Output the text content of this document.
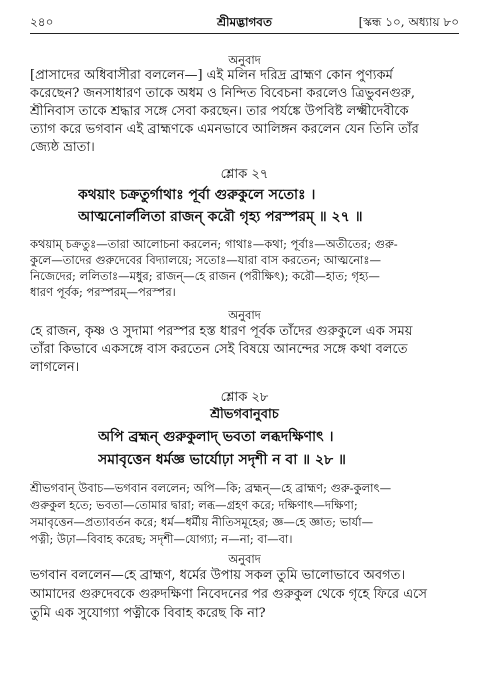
২৪০	শ্রীমদ্ভাগবত	[স্কন্ধ ১০, অধ্যায় ৮০
অনুবাদ
[প্রাসাদের অধিবাসীরা বললেন—] এই মলিন দরিদ্র ব্রাহ্মণ কোন পুণ্যকর্ম
করেছেন? জনসাধারণ তাকে অধম ও নিন্দিত বিবেচনা করলেও ত্রিভুবনগুরু,
শ্রীনিবাস তাকে শ্রদ্ধার সঙ্গে সেবা করছেন। তার পর্যঙ্কে উপবিষ্ট লক্ষ্মীদেবীকে
ত্যাগ করে ভগবান এই ব্রাহ্মণকে এমনভাবে আলিঙ্গন করলেন যেন তিনি তাঁর
জ্যেষ্ঠ ভ্রাতা।
শ্লোক ২৭
কথয়াং চক্রতুর্গাথাঃ পূর্বা গুরুকুলে সতোঃ ।
আত্মনোর্ললিতা রাজন্ করৌ গৃহ্য পরস্পরম্ ॥ ২৭ ॥
কথয়াম্ চক্রতুঃ—তারা আলোচনা করলেন; গাথাঃ—কথা; পূর্বাঃ—অতীতের; গুরু-
কুলে—তাদের গুরুদেবের বিদ্যালয়ে; সতোঃ—যারা বাস করতেন; আত্মনোঃ—
নিজেদের; ললিতাঃ—মধুর; রাজন্—হে রাজন (পরীক্ষিৎ); করৌ—হাত; গৃহ্য—
ধারণ পূর্বক; পরস্পরম্—পরস্পর।
অনুবাদ
হে রাজন, কৃষ্ণ ও সুদামা পরস্পর হস্ত ধারণ পূর্বক তাঁদের গুরুকুলে এক সময়
তাঁরা কিভাবে একসঙ্গে বাস করতেন সেই বিষয়ে আনন্দের সঙ্গে কথা বলতে
লাগলেন।
শ্লোক ২৮
শ্রীভগবানুবাচ
অপি ব্রহ্মন্ গুরুকুলাদ্ ভবতা লব্ধদক্ষিণাৎ ।
সমাবৃত্তেন ধর্মজ্ঞ ভার্যোঢ়া সদৃশী ন বা ॥ ২৮ ॥
শ্রীভগবান্ উবাচ—ভগবান বললেন; অপি—কি; ব্রহ্মন্—হে ব্রাহ্মণ; গুরু-কুলাৎ—
গুরুকুল হতে; ভবতা—তোমার দ্বারা; লব্ধ—গ্রহণ করে; দক্ষিণাৎ—দক্ষিণা;
সমাবৃত্তেন—প্রত্যাবর্তন করে; ধর্ম—ধর্মীয় নীতিসমূহের; জ্ঞ—হে জ্ঞাত; ভার্যা—
পত্নী; উঢ়া—বিবাহ করেছ; সদৃশী—যোগ্যা; ন—না; বা—বা।
অনুবাদ
ভগবান বললেন—হে ব্রাহ্মণ, ধর্মের উপায় সকল তুমি ভালোভাবে অবগত।
আমাদের গুরুদেবকে গুরুদক্ষিণা নিবেদনের পর গুরুকুল থেকে গৃহে ফিরে এসে
তুমি এক সুযোগ্যা পত্নীকে বিবাহ করেছ কি না?
